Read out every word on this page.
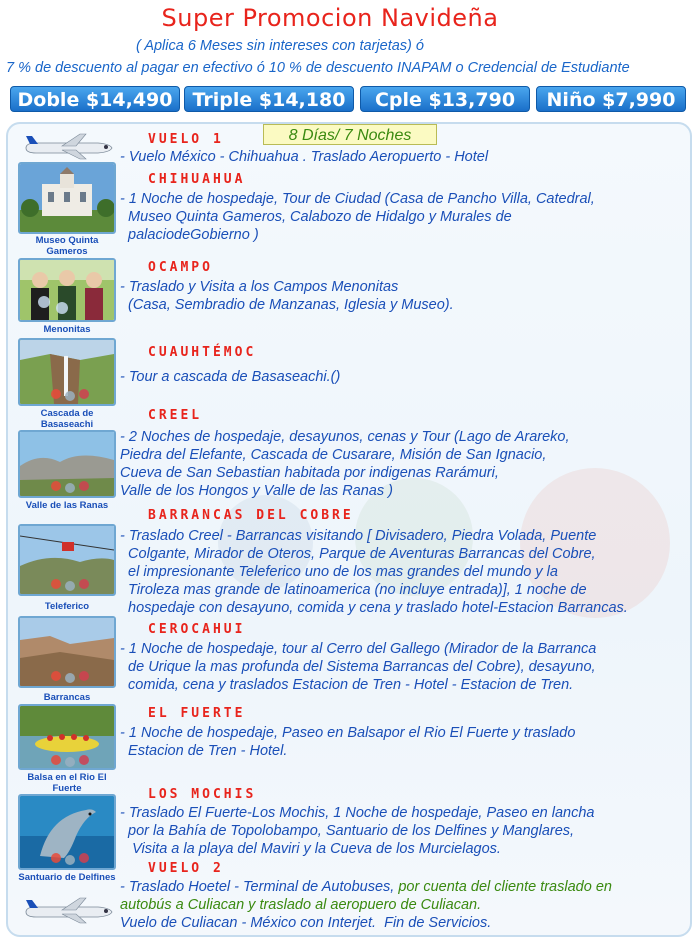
Super Promocion Navideña
( Aplica 6 Meses sin intereses con tarjetas) ó
7 % de descuento al pagar en efectivo ó 10 % de descuento INAPAM o Credencial de Estudiante
Doble $14,490	Triple $14,180	Cple $13,790	Niño $7,990
8 Días/ 7 Noches
VUELO 1
- Vuelo México - Chihuahua . Traslado Aeropuerto - Hotel
Museo Quinta Gameros
CHIHUAHUA
- 1 Noche de hospedaje, Tour de Ciudad (Casa de Pancho Villa, Catedral,
Museo Quinta Gameros, Calabozo de Hidalgo y Murales de
palaciodeGobierno )
Menonitas
OCAMPO
- Traslado y Visita a los Campos Menonitas
(Casa, Sembradio de Manzanas, Iglesia y Museo).
Cascada de Basaseachi
CUAUHTÉMOC
- Tour a cascada de Basaseachi.()
Valle de las Ranas
CREEL
- 2 Noches de hospedaje, desayunos, cenas y Tour (Lago de Arareko,
Piedra del Elefante, Cascada de Cusarare, Misión de San Ignacio,
Cueva de San Sebastian habitada por indigenas Rarámuri,
Valle de los Hongos y Valle de las Ranas )
Teleferico
BARRANCAS DEL COBRE
- Traslado Creel - Barrancas visitando [ Divisadero, Piedra Volada, Puente
Colgante, Mirador de Oteros, Parque de Aventuras Barrancas del Cobre,
el impresionante Teleferico uno de los mas grandes del mundo y la
Tiroleza mas grande de latinoamerica (no incluye entrada)], 1 noche de
hospedaje con desayuno, comida y cena y traslado hotel-Estacion Barrancas.
Barrancas
CEROCAHUI
- 1 Noche de hospedaje, tour al Cerro del Gallego (Mirador de la Barranca
de Urique la mas profunda del Sistema Barrancas del Cobre), desayuno,
comida, cena y traslados Estacion de Tren - Hotel - Estacion de Tren.
Balsa en el Rio El Fuerte
EL FUERTE
- 1 Noche de hospedaje, Paseo en Balsapor el Rio El Fuerte y traslado
Estacion de Tren - Hotel.
Santuario de Delfines
LOS MOCHIS
- Traslado El Fuerte-Los Mochis, 1 Noche de hospedaje, Paseo en lancha
por la Bahía de Topolobampo, Santuario de los Delfines y Manglares,
Visita a la playa del Maviri y la Cueva de los Murcielagos.
VUELO 2
- Traslado Hoetel - Terminal de Autobuses, por cuenta del cliente traslado en
autobús a Culiacan y traslado al aeropuero de Culiacan.
Vuelo de Culiacan - México con Interjet.  Fin de Servicios.
